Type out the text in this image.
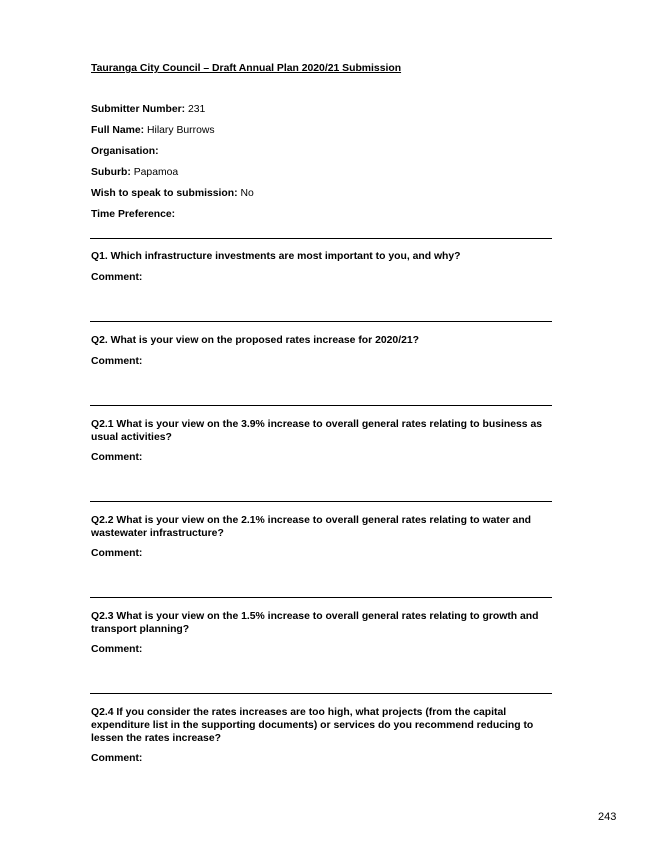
Tauranga City Council – Draft Annual Plan 2020/21 Submission
Submitter Number: 231
Full Name: Hilary Burrows
Organisation:
Suburb: Papamoa
Wish to speak to submission: No
Time Preference:
Q1. Which infrastructure investments are most important to you, and why?
Comment:
Q2. What is your view on the proposed rates increase for 2020/21?
Comment:
Q2.1 What is your view on the 3.9% increase to overall general rates relating to business as usual activities?
Comment:
Q2.2 What is your view on the 2.1% increase to overall general rates relating to water and wastewater infrastructure?
Comment:
Q2.3 What is your view on the 1.5% increase to overall general rates relating to growth and transport planning?
Comment:
Q2.4 If you consider the rates increases are too high, what projects (from the capital expenditure list in the supporting documents) or services do you recommend reducing to lessen the rates increase?
Comment:
243
